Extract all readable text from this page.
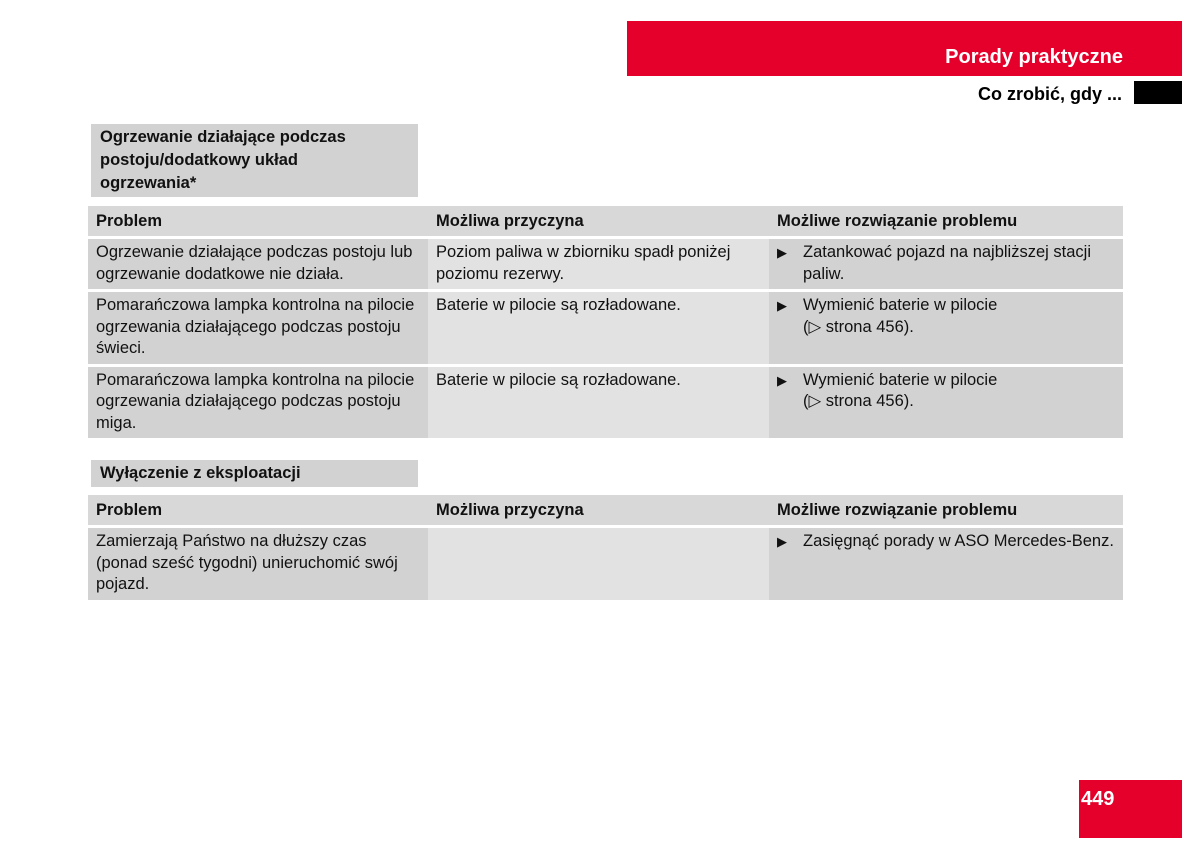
Porady praktyczne
Co zrobić, gdy ...
Ogrzewanie działające podczas
postoju/dodatkowy układ
ogrzewania*
Problem	Możliwa przyczyna	Możliwe rozwiązanie problemu
Ogrzewanie działające podczas postoju lub ogrzewanie dodatkowe nie działa.	Poziom paliwa w zbiorniku spadł poniżej poziomu rezerwy.	▶ Zatankować pojazd na najbliższej stacji paliw.

Pomarańczowa lampka kontrolna na pilocie ogrzewania działającego podczas postoju świeci.	Baterie w pilocie są rozładowane.	▶ Wymienić baterie w pilocie
(▷ strona 456).

Pomarańczowa lampka kontrolna na pilocie ogrzewania działającego podczas postoju miga.	Baterie w pilocie są rozładowane.	▶ Wymienić baterie w pilocie
(▷ strona 456).
Wyłączenie z eksploatacji
Problem	Możliwa przyczyna	Możliwe rozwiązanie problemu
Zamierzają Państwo na dłuższy czas (ponad sześć tygodni) unieruchomić swój pojazd.		▶ Zasięgnąć porady w ASO Mercedes-Benz.
449
